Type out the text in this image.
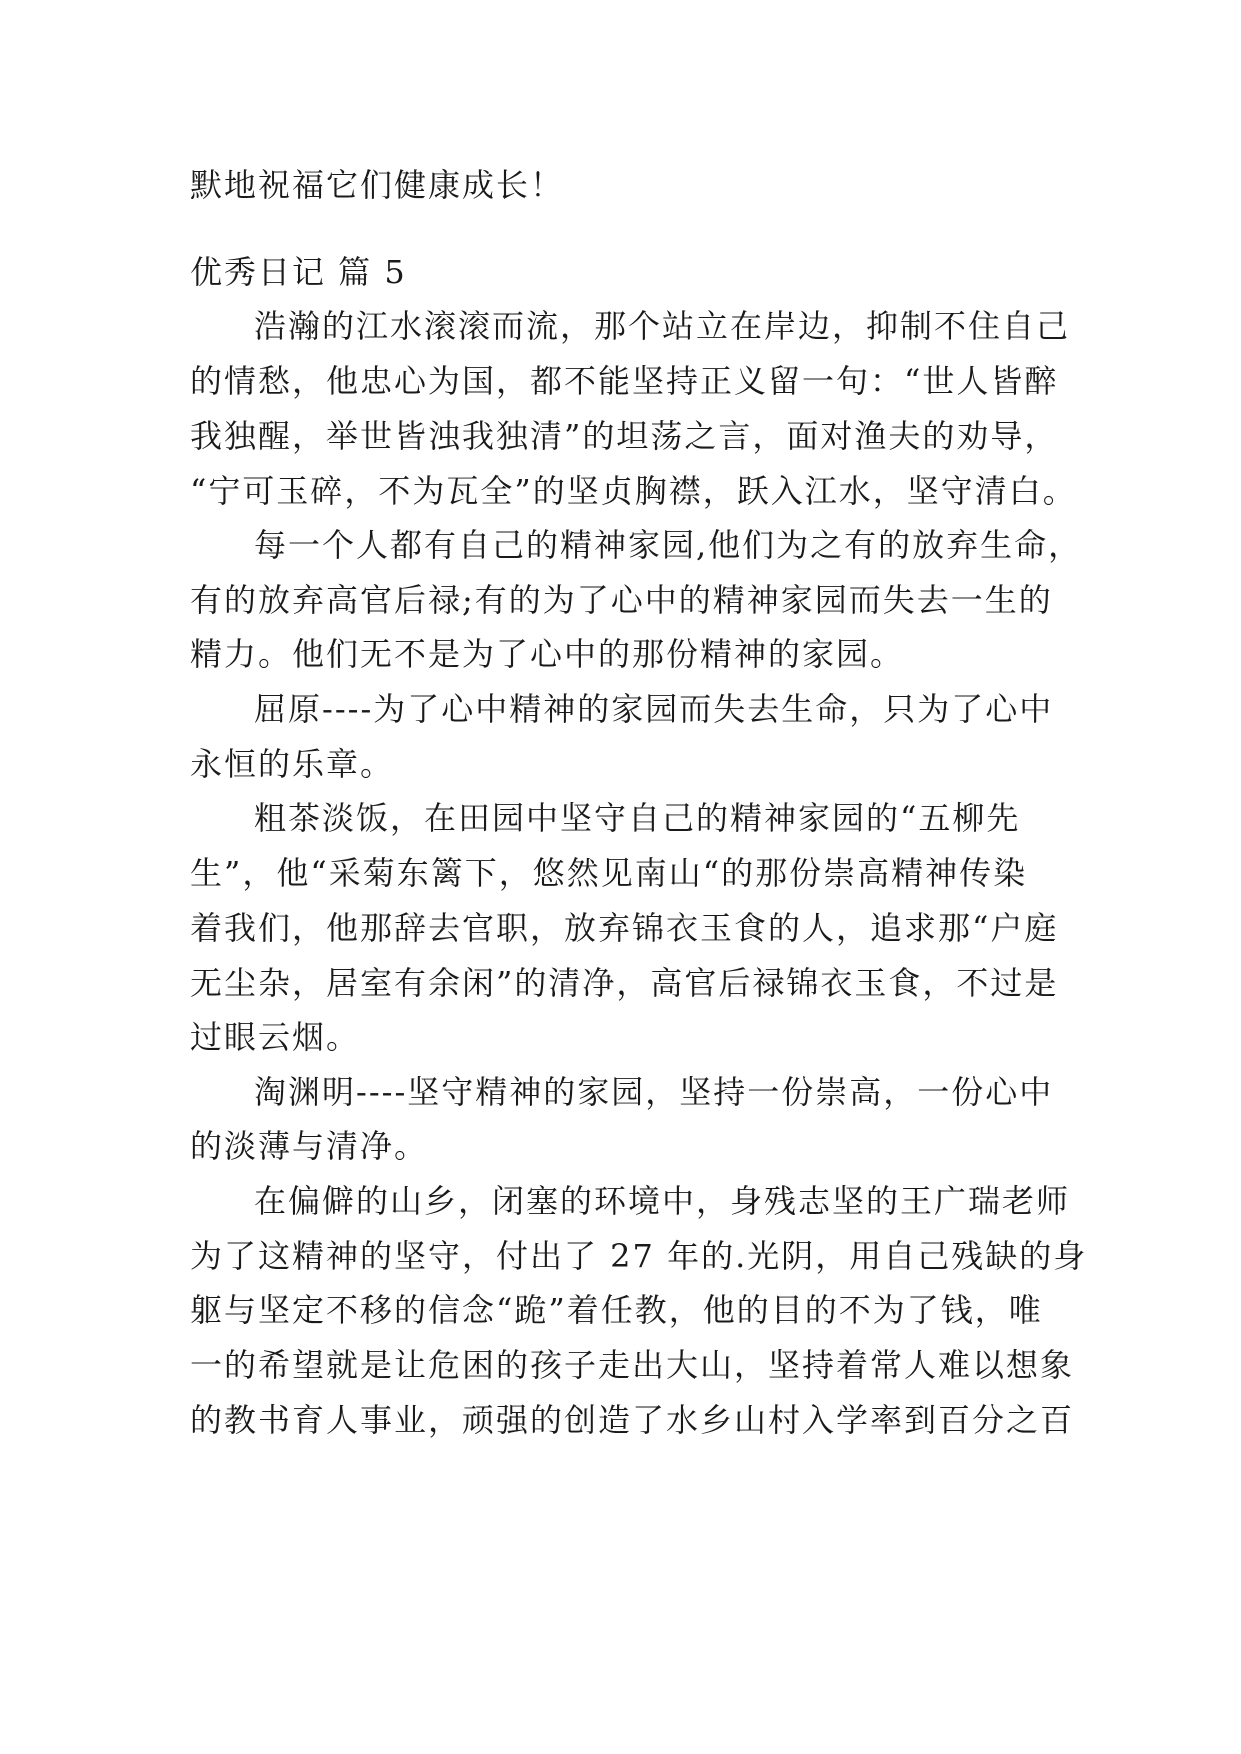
默地祝福它们健康成长！
优秀日记 篇 5
浩瀚的江水滚滚而流，那个站立在岸边，抑制不住自己
的情愁，他忠心为国，都不能坚持正义留一句：“世人皆醉
我独醒，举世皆浊我独清”的坦荡之言，面对渔夫的劝导，
“宁可玉碎，不为瓦全”的坚贞胸襟，跃入江水，坚守清白。
每一个人都有自己的精神家园,他们为之有的放弃生命，
有的放弃高官后禄;有的为了心中的精神家园而失去一生的
精力。他们无不是为了心中的那份精神的家园。
屈原----为了心中精神的家园而失去生命，只为了心中
永恒的乐章。
粗茶淡饭，在田园中坚守自己的精神家园的“五柳先
生”，他“采菊东篱下，悠然见南山“的那份崇高精神传染
着我们，他那辞去官职，放弃锦衣玉食的人，追求那“户庭
无尘杂，居室有余闲”的清净，高官后禄锦衣玉食，不过是
过眼云烟。
淘渊明----坚守精神的家园，坚持一份崇高，一份心中
的淡薄与清净。
在偏僻的山乡，闭塞的环境中，身残志坚的王广瑞老师
为了这精神的坚守，付出了 27 年的.光阴，用自己残缺的身
躯与坚定不移的信念“跪”着任教，他的目的不为了钱，唯
一的希望就是让危困的孩子走出大山，坚持着常人难以想象
的教书育人事业，顽强的创造了水乡山村入学率到百分之百
